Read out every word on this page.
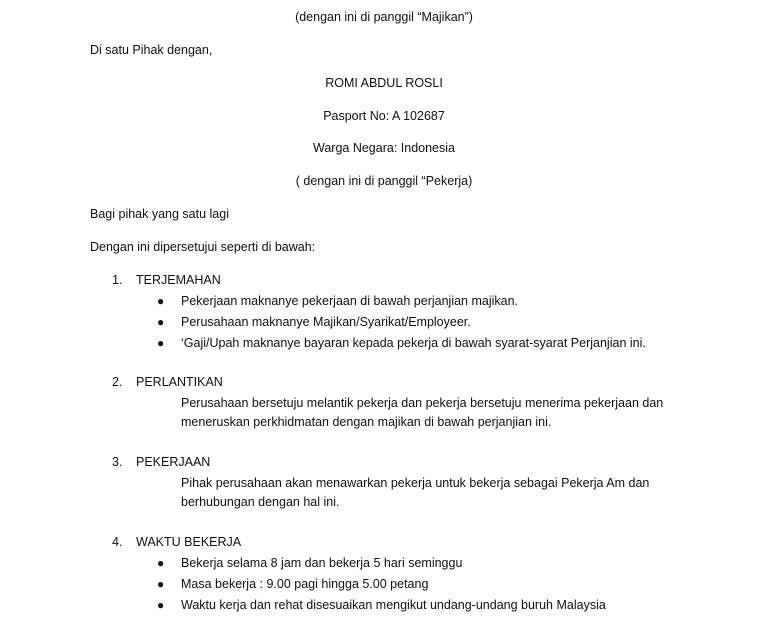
(dengan ini di panggil “Majikan”)
Di satu Pihak dengan,
ROMI ABDUL ROSLI
Pasport No: A 102687
Warga Negara: Indonesia
( dengan ini di panggil “Pekerja)
Bagi pihak yang satu lagi
Dengan ini dipersetujui seperti di bawah:
1.	TERJEMAHAN
●	Pekerjaan maknanye pekerjaan di bawah perjanjian majikan.
●	Perusahaan maknanye Majikan/Syarikat/Employeer.
●	‘Gaji/Upah maknanye bayaran kepada pekerja di bawah syarat-syarat Perjanjian ini.
2.	PERLANTIKAN
Perusahaan bersetuju melantik pekerja dan pekerja bersetuju menerima pekerjaan dan
meneruskan perkhidmatan dengan majikan di bawah perjanjian ini.
3.	PEKERJAAN
Pihak perusahaan akan menawarkan pekerja untuk bekerja sebagai Pekerja Am dan
berhubungan dengan hal ini.
4.	WAKTU BEKERJA
●	Bekerja selama 8 jam dan bekerja 5 hari seminggu
●	Masa bekerja : 9.00 pagi hingga 5.00 petang
●	Waktu kerja dan rehat disesuaikan mengikut undang-undang buruh Malaysia
